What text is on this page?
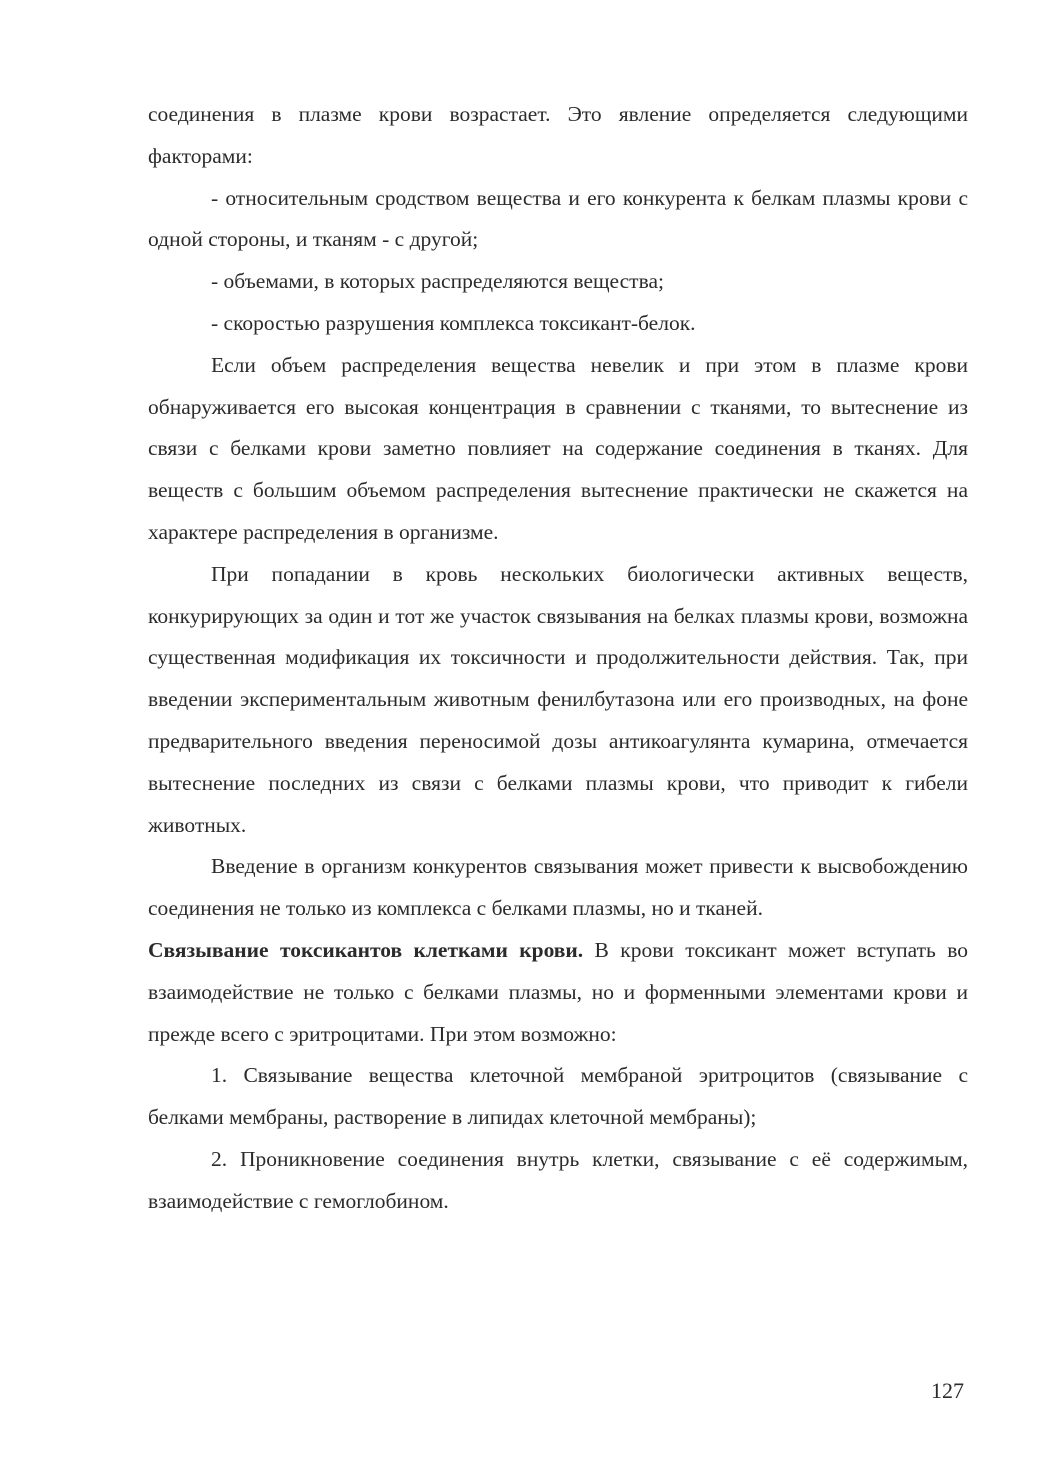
соединения в плазме крови возрастает. Это явление определяется следующими факторами:

- относительным сродством вещества и его конкурента к белкам плазмы крови с одной стороны, и тканям - с другой;

- объемами, в которых распределяются вещества;

- скоростью разрушения комплекса токсикант-белок.

Если объем распределения вещества невелик и при этом в плазме крови обнаруживается его высокая концентрация в сравнении с тканями, то вытеснение из связи с белками крови заметно повлияет на содержание соединения в тканях. Для веществ с большим объемом распределения вытеснение практически не скажется на характере распределения в организме.

При попадании в кровь нескольких биологически активных веществ, конкурирующих за один и тот же участок связывания на белках плазмы крови, возможна существенная модификация их токсичности и продолжительности действия. Так, при введении экспериментальным животным фенилбутазона или его производных, на фоне предварительного введения переносимой дозы антикоагулянта кумарина, отмечается вытеснение последних из связи с белками плазмы крови, что приводит к гибели животных.

Введение в организм конкурентов связывания может привести к высвобождению соединения не только из комплекса с белками плазмы, но и тканей.

Связывание токсикантов клетками крови. В крови токсикант может вступать во взаимодействие не только с белками плазмы, но и форменными элементами крови и прежде всего с эритроцитами. При этом возможно:

1. Связывание вещества клеточной мембраной эритроцитов (связывание с белками мембраны, растворение в липидах клеточной мембраны);

2. Проникновение соединения внутрь клетки, связывание с её содержимым, взаимодействие с гемоглобином.

127
